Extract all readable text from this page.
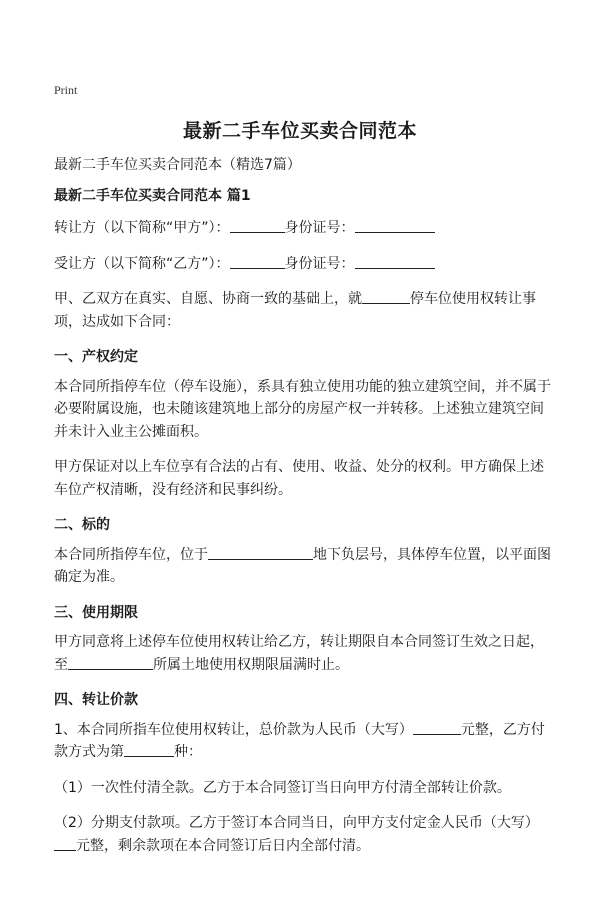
Print
最新二手车位买卖合同范本

最新二手车位买卖合同范本（精选7篇）

最新二手车位买卖合同范本 篇1

转让方（以下简称“甲方”）：	身份证号：

受让方（以下简称“乙方”）：	身份证号：

甲、乙双方在真实、自愿、协商一致的基础上，就	停车位使用权转让事项，达成如下合同：

一、产权约定

本合同所指停车位（停车设施），系具有独立使用功能的独立建筑空间，并不属于必要附属设施，也未随该建筑地上部分的房屋产权一并转移。上述独立建筑空间并未计入业主公摊面积。

甲方保证对以上车位享有合法的占有、使用、收益、处分的权利。甲方确保上述车位产权清晰，没有经济和民事纠纷。

二、标的

本合同所指停车位，位于	地下负层号，具体停车位置，以平面图确定为准。

三、使用期限

甲方同意将上述停车位使用权转让给乙方，转让期限自本合同签订生效之日起，至	所属土地使用权期限届满时止。

四、转让价款

1、本合同所指车位使用权转让，总价款为人民币（大写）	元整，乙方付款方式为第	种：

（1）一次性付清全款。乙方于本合同签订当日向甲方付清全部转让价款。

（2）分期支付款项。乙方于签订本合同当日，向甲方支付定金人民币（大写）元整，剩余款项在本合同签订后日内全部付清。
